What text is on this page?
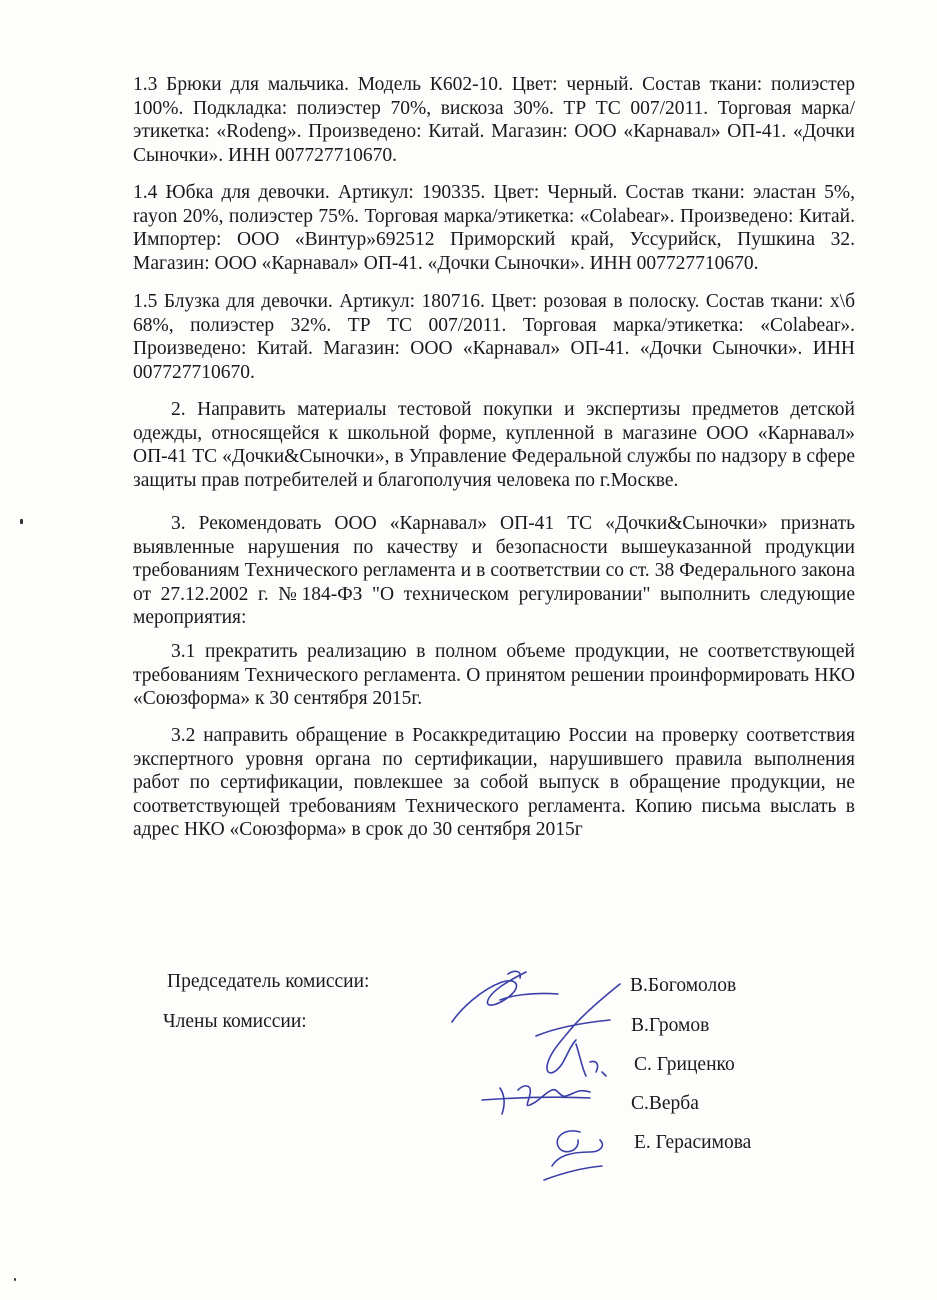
1.3 Брюки для мальчика. Модель К602-10. Цвет: черный. Состав ткани: полиэстер 100%. Подкладка: полиэстер 70%, вискоза 30%. ТР ТС 007/2011. Торговая марка/этикетка: «Rodeng». Произведено: Китай. Магазин: ООО «Карнавал» ОП-41. «Дочки Сыночки». ИНН 007727710670.

1.4 Юбка для девочки. Артикул: 190335. Цвет: Черный. Состав ткани: эластан 5%, rayon 20%, полиэстер 75%. Торговая марка/этикетка: «Colabear». Произведено: Китай. Импортер: ООО «Винтур»692512 Приморский край, Уссурийск, Пушкина 32. Магазин: ООО «Карнавал» ОП-41. «Дочки Сыночки». ИНН 007727710670.

1.5 Блузка для девочки. Артикул: 180716. Цвет: розовая в полоску. Состав ткани: х\б 68%, полиэстер 32%. ТР ТС 007/2011. Торговая марка/этикетка: «Colabear». Произведено: Китай. Магазин: ООО «Карнавал» ОП-41. «Дочки Сыночки». ИНН 007727710670.

2. Направить материалы тестовой покупки и экспертизы предметов детской одежды, относящейся к школьной форме, купленной в магазине ООО «Карнавал» ОП-41 ТС «Дочки&Сыночки», в Управление Федеральной службы по надзору в сфере защиты прав потребителей и благополучия человека по г.Москве.

3. Рекомендовать ООО «Карнавал» ОП-41 ТС «Дочки&Сыночки» признать выявленные нарушения по качеству и безопасности вышеуказанной продукции требованиям Технического регламента и в соответствии со ст. 38 Федерального закона от 27.12.2002 г. №184-ФЗ "О техническом регулировании" выполнить следующие мероприятия:

3.1 прекратить реализацию в полном объеме продукции, не соответствующей требованиям Технического регламента. О принятом решении проинформировать НКО «Союзформа» к 30 сентября 2015г.

3.2 направить обращение в Росаккредитацию России на проверку соответствия экспертного уровня органа по сертификации, нарушившего правила выполнения работ по сертификации, повлекшее за собой выпуск в обращение продукции, не соответствующей требованиям Технического регламента. Копию письма выслать в адрес НКО «Союзформа» в срок до 30 сентября 2015г

Председатель комиссии:
Члены комиссии:
В.Богомолов
В.Громов
С. Гриценко
С.Верба
Е. Герасимова
